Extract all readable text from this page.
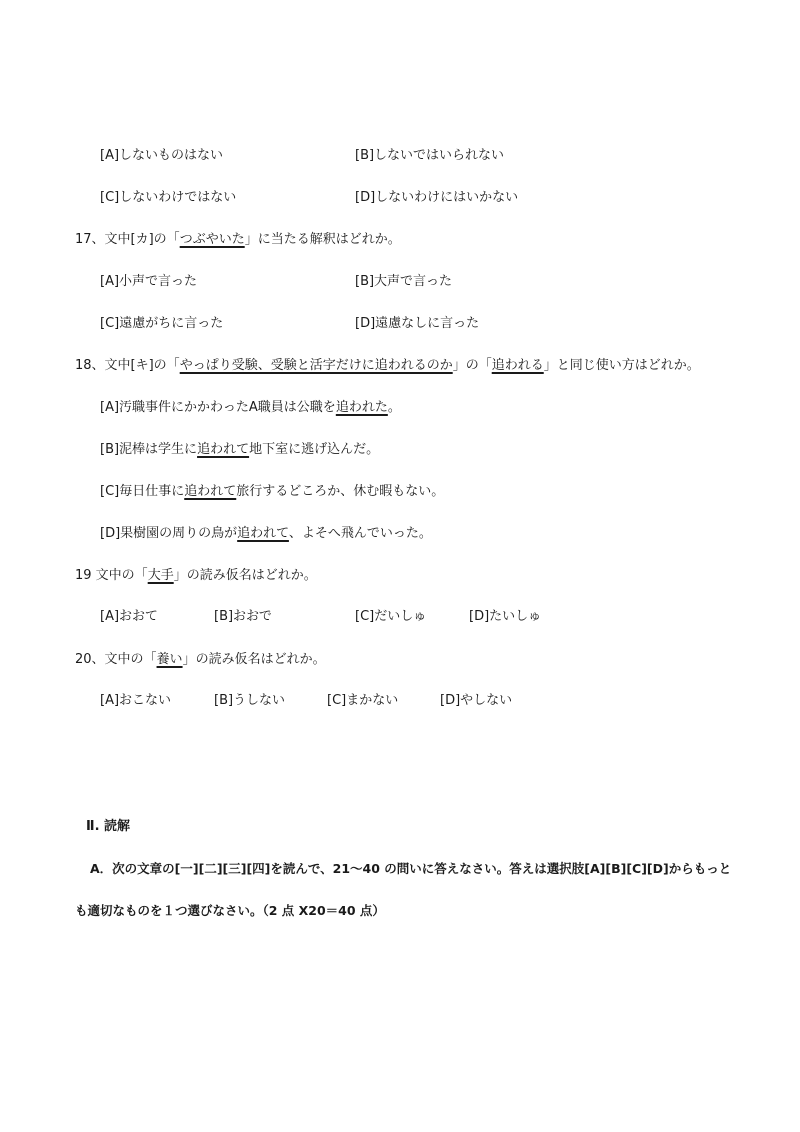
[A]しないものはない	[B]しないではいられない
[C]しないわけではない	[D]しないわけにはいかない
17、文中[カ]の「つぶやいた」に当たる解釈はどれか。
[A]小声で言った	[B]大声で言った
[C]遠慮がちに言った	[D]遠慮なしに言った
18、文中[キ]の「やっぱり受験、受験と活字だけに追われるのか」の「追われる」と同じ使い方はどれか。
[A]汚職事件にかかわったA職員は公職を追われた。
[B]泥棒は学生に追われて地下室に逃げ込んだ。
[C]毎日仕事に追われて旅行するどころか、休む暇もない。
[D]果樹園の周りの鳥が追われて、よそへ飛んでいった。
19 文中の「大手」の読み仮名はどれか。
[A]おおて	[B]おおで	[C]だいしゅ	[D]たいしゅ
20、文中の「養い」の読み仮名はどれか。
[A]おこない	[B]うしない	[C]まかない	[D]やしない
Ⅱ. 読解
A．次の文章の[一][二][三][四]を読んで、21～40 の問いに答えなさい。答えは選択肢[A][B][C][D]からもっと
も適切なものを１つ選びなさい。（2 点 X20＝40 点）
